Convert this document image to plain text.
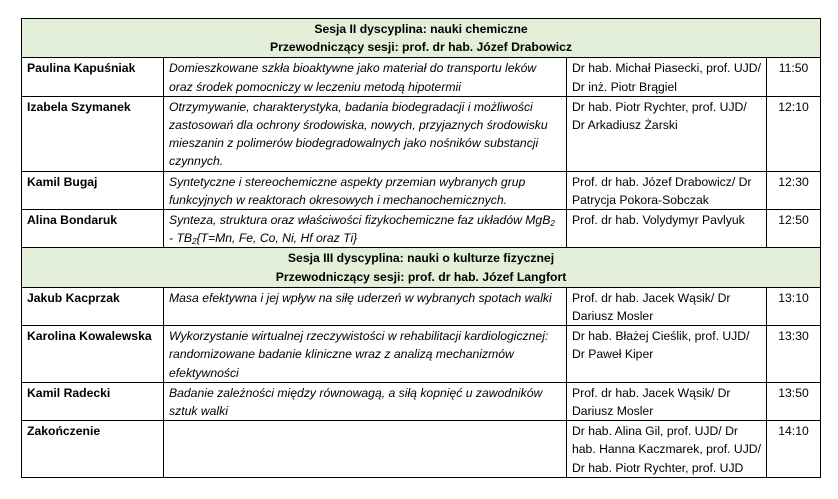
Sesja II dyscyplina: nauki chemiczne
Przewodniczący sesji: prof. dr hab. Józef Drabowicz			

Paulina Kapuśniak	Domieszkowane szkła bioaktywne jako materiał do transportu leków oraz środek pomocniczy w leczeniu metodą hipotermii	Dr hab. Michał Piasecki, prof. UJD/ Dr inż. Piotr Brągiel	11:50
Izabela Szymanek	Otrzymywanie, charakterystyka, badania biodegradacji i możliwości zastosowań dla ochrony środowiska, nowych, przyjaznych środowisku mieszanin z polimerów biodegradowalnych jako nośników substancji czynnych.	Dr hab. Piotr Rychter, prof. UJD/ Dr Arkadiusz Żarski	12:10
Kamil Bugaj	Syntetyczne i stereochemiczne aspekty przemian wybranych grup funkcyjnych w reaktorach okresowych i mechanochemicznych.	Prof. dr hab. Józef Drabowicz/ Dr Patrycja Pokora-Sobczak	12:30
Alina Bondaruk	Synteza, struktura oraz właściwości fizykochemiczne faz układów $MgB_2 - TB_2\{T=Mn$, Fe, Co, Ni, Hf oraz Ti}	Prof. dr hab. Volydymyr Pavlyuk	12:50

Sesja III dyscyplina: nauki o kulturze fizycznej
Przewodniczący sesji: prof. dr hab. Józef Langfort			

Jakub Kacprzak	Masa efektywna i jej wpływ na siłę uderzeń w wybranych spotach walki	Prof. dr hab. Jacek Wąsik/ Dr Dariusz Mosler	13:10
Karolina Kowalewska	Wykorzystanie wirtualnej rzeczywistości w rehabilitacji kardiologicznej: randomizowane badanie kliniczne wraz z analizą mechanizmów efektywności	Dr hab. Błażej Cieślik, prof. UJD/ Dr Paweł Kiper	13:30
Kamil Radecki	Badanie zależności między równowagą, a siłą kopnięć u zawodników sztuk walki	Prof. dr hab. Jacek Wąsik/ Dr Dariusz Mosler	13:50
Zakończenie		Dr hab. Alina Gil, prof. UJD/ Dr hab. Hanna Kaczmarek, prof. UJD/ Dr hab. Piotr Rychter, prof. UJD	14:10
